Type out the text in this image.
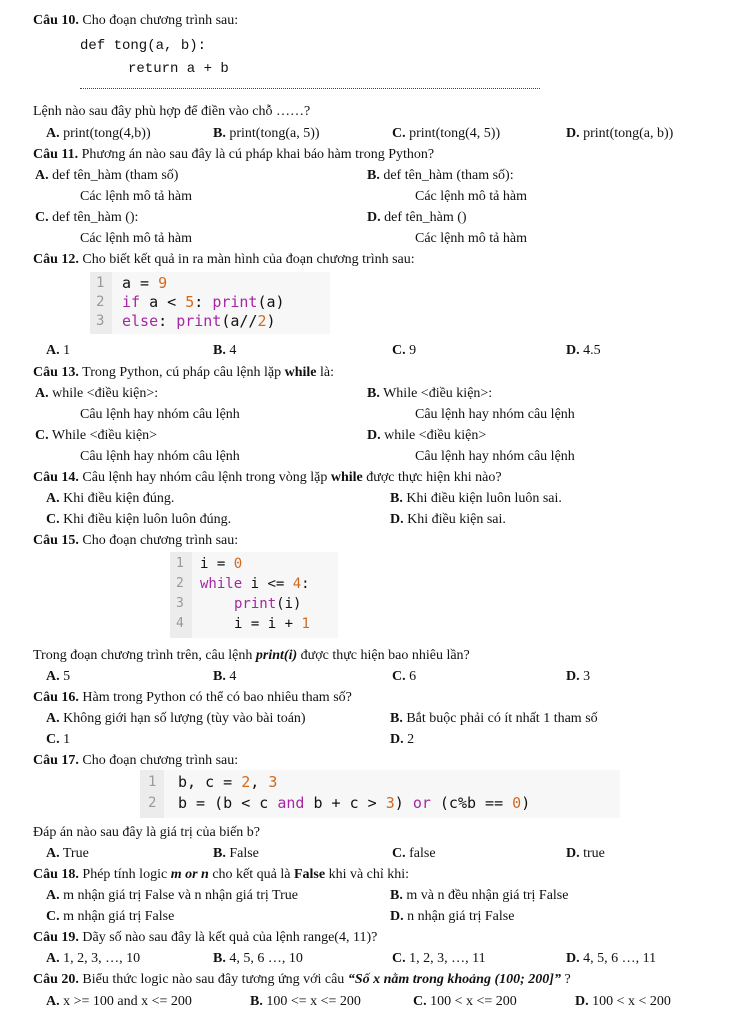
Câu 10. Cho đoạn chương trình sau:
def tong(a, b):
return a + b
Lệnh nào sau đây phù hợp để điền vào chỗ ……?
A. print(tong(4,b))	B. print(tong(a, 5))	C. print(tong(4, 5))	D. print(tong(a, b))
Câu 11. Phương án nào sau đây là cú pháp khai báo hàm trong Python?
A. def tên_hàm (tham số)	B. def tên_hàm (tham số):
Các lệnh mô tả hàm	Các lệnh mô tả hàm
C. def tên_hàm ():	D. def tên_hàm ()
Các lệnh mô tả hàm	Các lệnh mô tả hàm
Câu 12. Cho biết kết quả in ra màn hình của đoạn chương trình sau:
1
2
3
a = 9
if a < 5: print(a)
else: print(a//2)
A. 1	B. 4	C. 9	D. 4.5
Câu 13. Trong Python, cú pháp câu lệnh lặp while là:
A. while <điều kiện>:	B. While <điều kiện>:
Câu lệnh hay nhóm câu lệnh	Câu lệnh hay nhóm câu lệnh
C. While <điều kiện>	D. while <điều kiện>
Câu lệnh hay nhóm câu lệnh	Câu lệnh hay nhóm câu lệnh
Câu 14. Câu lệnh hay nhóm câu lệnh trong vòng lặp while được thực hiện khi nào?
A. Khi điều kiện đúng.	B. Khi điều kiện luôn luôn sai.
C. Khi điều kiện luôn luôn đúng.	D. Khi điều kiện sai.
Câu 15. Cho đoạn chương trình sau:
1
2
3
4
i = 0
while i <= 4:
print(i)
i = i + 1
Trong đoạn chương trình trên, câu lệnh print(i) được thực hiện bao nhiêu lần?
A. 5	B. 4	C. 6	D. 3
Câu 16. Hàm trong Python có thể có bao nhiêu tham số?
A. Không giới hạn số lượng (tùy vào bài toán)	B. Bắt buộc phải có ít nhất 1 tham số
C. 1	D. 2
Câu 17. Cho đoạn chương trình sau:
1
2
b, c = 2, 3
b = (b < c and b + c > 3) or (c%b == 0)
Đáp án nào sau đây là giá trị của biến b?
A. True	B. False	C. false	D. true
Câu 18. Phép tính logic m or n cho kết quả là False khi và chỉ khi:
A. m nhận giá trị False và n nhận giá trị True	B. m và n đều nhận giá trị False
C. m nhận giá trị False	D. n nhận giá trị False
Câu 19. Dãy số nào sau đây là kết quả của lệnh range(4, 11)?
A. 1, 2, 3, …, 10	B. 4, 5, 6 …, 10	C. 1, 2, 3, …, 11	D. 4, 5, 6 …, 11
Câu 20. Biểu thức logic nào sau đây tương ứng với câu “Số x nằm trong khoảng (100; 200]” ?
A. x >= 100 and x <= 200	B. 100 <= x <= 200	C. 100 < x <= 200	D. 100 < x < 200
